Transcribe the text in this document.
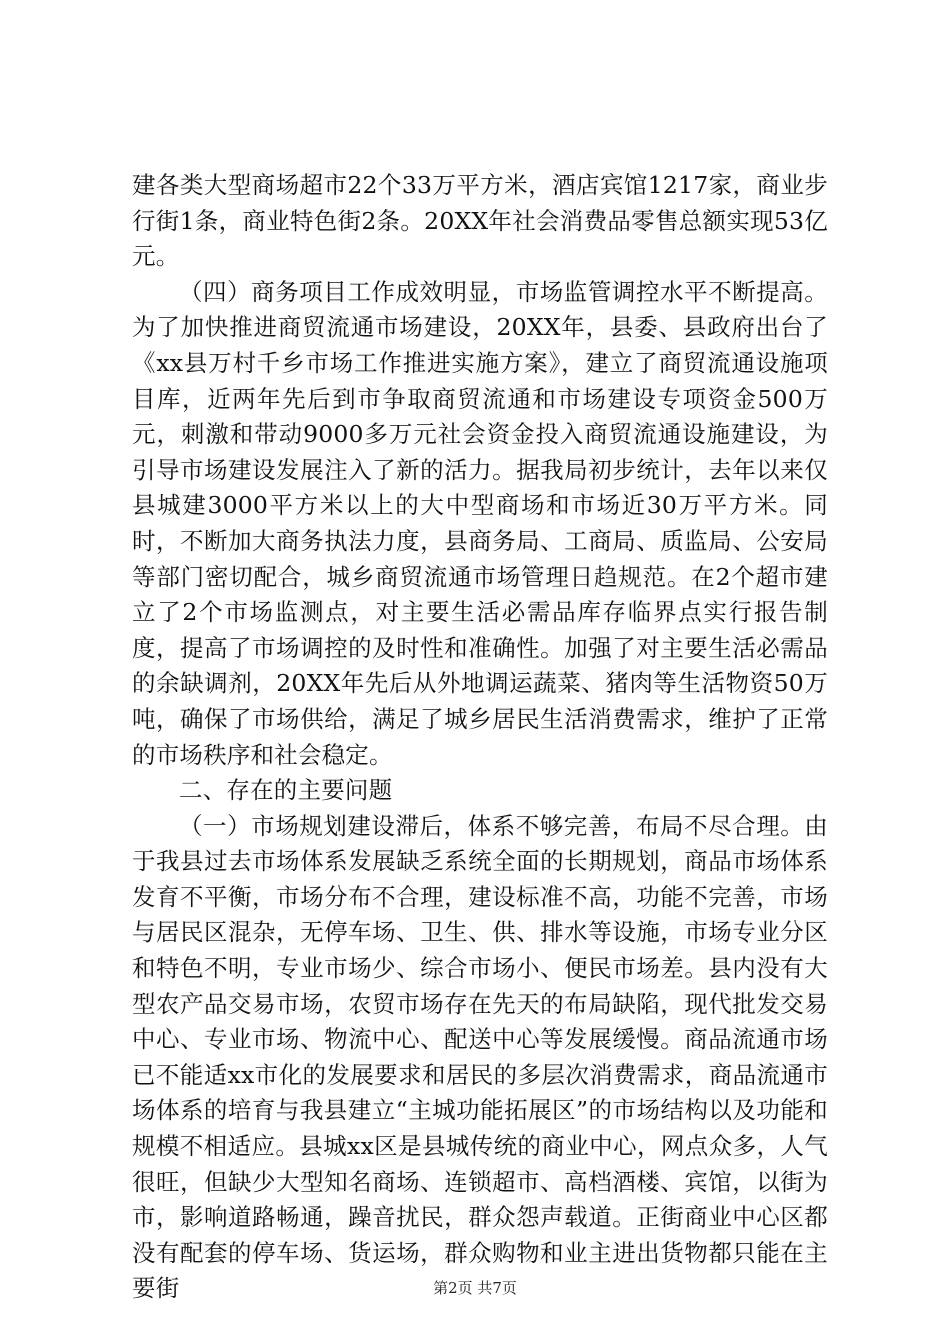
建各类大型商场超市22个33万平方米，酒店宾馆1217家，商业步行街1条，商业特色街2条。20XX年社会消费品零售总额实现53亿元。

（四）商务项目工作成效明显，市场监管调控水平不断提高。为了加快推进商贸流通市场建设，20XX年，县委、县政府出台了《xx县万村千乡市场工作推进实施方案》，建立了商贸流通设施项目库，近两年先后到市争取商贸流通和市场建设专项资金500万元，刺激和带动9000多万元社会资金投入商贸流通设施建设，为引导市场建设发展注入了新的活力。据我局初步统计，去年以来仅县城建3000平方米以上的大中型商场和市场近30万平方米。同时，不断加大商务执法力度，县商务局、工商局、质监局、公安局等部门密切配合，城乡商贸流通市场管理日趋规范。在2个超市建立了2个市场监测点，对主要生活必需品库存临界点实行报告制度，提高了市场调控的及时性和准确性。加强了对主要生活必需品的余缺调剂，20XX年先后从外地调运蔬菜、猪肉等生活物资50万吨，确保了市场供给，满足了城乡居民生活消费需求，维护了正常的市场秩序和社会稳定。

二、存在的主要问题

（一）市场规划建设滞后，体系不够完善，布局不尽合理。由于我县过去市场体系发展缺乏系统全面的长期规划，商品市场体系发育不平衡，市场分布不合理，建设标准不高，功能不完善，市场与居民区混杂，无停车场、卫生、供、排水等设施，市场专业分区和特色不明，专业市场少、综合市场小、便民市场差。县内没有大型农产品交易市场，农贸市场存在先天的布局缺陷，现代批发交易中心、专业市场、物流中心、配送中心等发展缓慢。商品流通市场已不能适xx市化的发展要求和居民的多层次消费需求，商品流通市场体系的培育与我县建立“主城功能拓展区”的市场结构以及功能和规模不相适应。县城xx区是县城传统的商业中心，网点众多，人气很旺，但缺少大型知名商场、连锁超市、高档酒楼、宾馆，以街为市，影响道路畅通，躁音扰民，群众怨声载道。正街商业中心区都没有配套的停车场、货运场，群众购物和业主进出货物都只能在主要街	第2页 共7页
